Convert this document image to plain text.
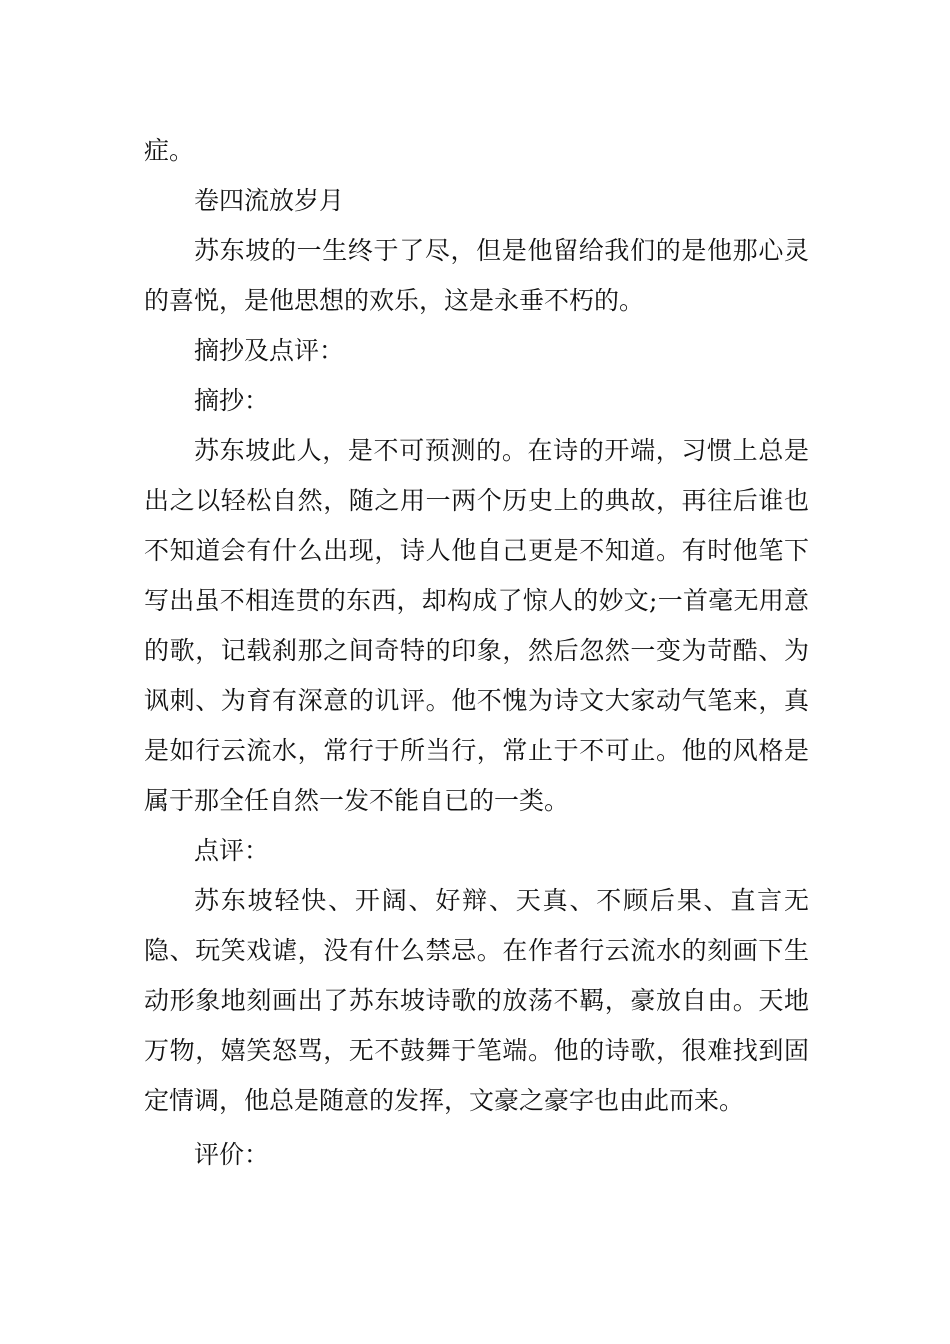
症。

卷四流放岁月

苏东坡的一生终于了尽，但是他留给我们的是他那心灵的喜悦，是他思想的欢乐，这是永垂不朽的。

摘抄及点评：

摘抄：

苏东坡此人，是不可预测的。在诗的开端，习惯上总是出之以轻松自然，随之用一两个历史上的典故，再往后谁也不知道会有什么出现，诗人他自己更是不知道。有时他笔下写出虽不相连贯的东西，却构成了惊人的妙文;一首毫无用意的歌，记载刹那之间奇特的印象，然后忽然一变为苛酷、为讽刺、为育有深意的讥评。他不愧为诗文大家动气笔来，真是如行云流水，常行于所当行，常止于不可止。他的风格是属于那全任自然一发不能自已的一类。

点评：

苏东坡轻快、开阔、好辩、天真、不顾后果、直言无隐、玩笑戏谑，没有什么禁忌。在作者行云流水的刻画下生动形象地刻画出了苏东坡诗歌的放荡不羁，豪放自由。天地万物，嬉笑怒骂，无不鼓舞于笔端。他的诗歌，很难找到固定情调，他总是随意的发挥，文豪之豪字也由此而来。

评价：
